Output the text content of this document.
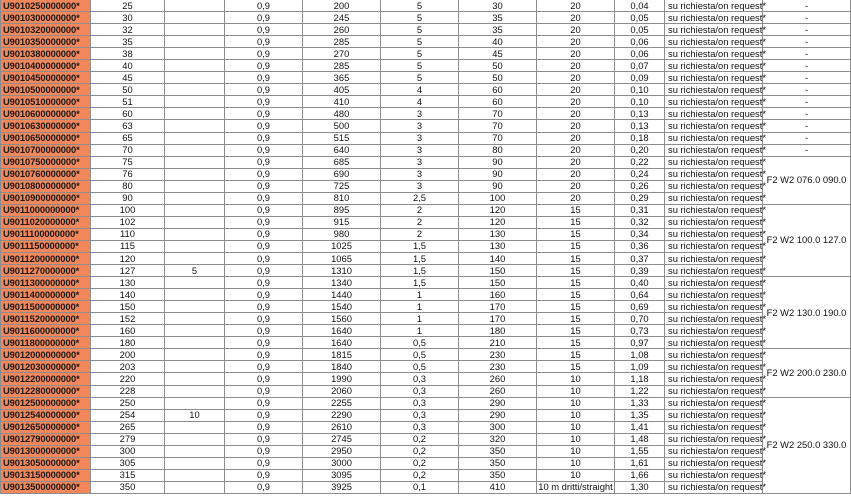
U9010250000000*	25		0,9	200	5	30	20	0,04	su richiesta/on request*	-
U9010300000000*	30		0,9	245	5	35	20	0,05	su richiesta/on request*	-
U9010320000000*	32		0,9	260	5	35	20	0,05	su richiesta/on request*	-
U9010350000000*	35		0,9	285	5	40	20	0,06	su richiesta/on request*	-
U9010380000000*	38		0,9	270	5	45	20	0,06	su richiesta/on request*	-
U9010400000000*	40		0,9	285	5	50	20	0,07	su richiesta/on request*	-
U9010450000000*	45		0,9	365	5	50	20	0,09	su richiesta/on request*	-
U9010500000000*	50		0,9	405	4	60	20	0,10	su richiesta/on request*	-
U9010510000000*	51		0,9	410	4	60	20	0,10	su richiesta/on request*	-
U9010600000000*	60		0,9	480	3	70	20	0,13	su richiesta/on request*	-
U9010630000000*	63		0,9	500	3	70	20	0,13	su richiesta/on request*	-
U9010650000000*	65		0,9	515	3	70	20	0,18	su richiesta/on request*	-
U9010700000000*	70		0,9	640	3	80	20	0,20	su richiesta/on request*	-
U9010750000000*	75		0,9	685	3	90	20	0,22	su richiesta/on request*	F2 W2 076.0 090.0
U9010760000000*	76		0,9	690	3	90	20	0,24	su richiesta/on request*	
U9010800000000*	80		0,9	725	3	90	20	0,26	su richiesta/on request*	
U9010900000000*	90		0,9	810	2,5	100	20	0,29	su richiesta/on request*	
U9011000000000*	100		0,9	895	2	120	15	0,31	su richiesta/on request*	F2 W2 100.0 127.0
U9011020000000*	102		0,9	915	2	120	15	0,32	su richiesta/on request*	
U9011100000000*	110		0,9	980	2	130	15	0,34	su richiesta/on request*	
U9011150000000*	115		0,9	1025	1,5	130	15	0,36	su richiesta/on request*	
U9011200000000*	120		0,9	1065	1,5	140	15	0,37	su richiesta/on request*	
U9011270000000*	127	5	0,9	1310	1,5	150	15	0,39	su richiesta/on request*	
U9011300000000*	130		0,9	1340	1,5	150	15	0,40	su richiesta/on request*	F2 W2 130.0 190.0
U9011400000000*	140		0,9	1440	1	160	15	0,64	su richiesta/on request*	
U9011500000000*	150		0,9	1540	1	170	15	0,69	su richiesta/on request*	
U9011520000000*	152		0,9	1560	1	170	15	0,70	su richiesta/on request*	
U9011600000000*	160		0,9	1640	1	180	15	0,73	su richiesta/on request*	
U9011800000000*	180		0,9	1640	0,5	210	15	0,97	su richiesta/on request*	
U9012000000000*	200		0,9	1815	0,5	230	15	1,08	su richiesta/on request*	F2 W2 200.0 230.0
U9012030000000*	203		0,9	1840	0,5	230	15	1,09	su richiesta/on request*	
U9012200000000*	220		0,9	1990	0,3	260	10	1,18	su richiesta/on request*	
U9012280000000*	228		0,9	2060	0,3	260	10	1,22	su richiesta/on request*	
U9012500000000*	250		0,9	2255	0,3	290	10	1,33	su richiesta/on request*	F2 W2 250.0 330.0
U9012540000000*	254	10	0,9	2290	0,3	290	10	1,35	su richiesta/on request*	
U9012650000000*	265		0,9	2610	0,3	300	10	1,41	su richiesta/on request*	
U9012790000000*	279		0,9	2745	0,2	320	10	1,48	su richiesta/on request*	
U9013000000000*	300		0,9	2950	0,2	350	10	1,55	su richiesta/on request*	
U9013050000000*	305		0,9	3000	0,2	350	10	1,61	su richiesta/on request*	
U9013150000000*	315		0,9	3095	0,2	350	10	1,66	su richiesta/on request*	
U9013500000000*	350		0,9	3925	0,1	410	10 m dritti/straight	1,30	su richiesta/on request*	
